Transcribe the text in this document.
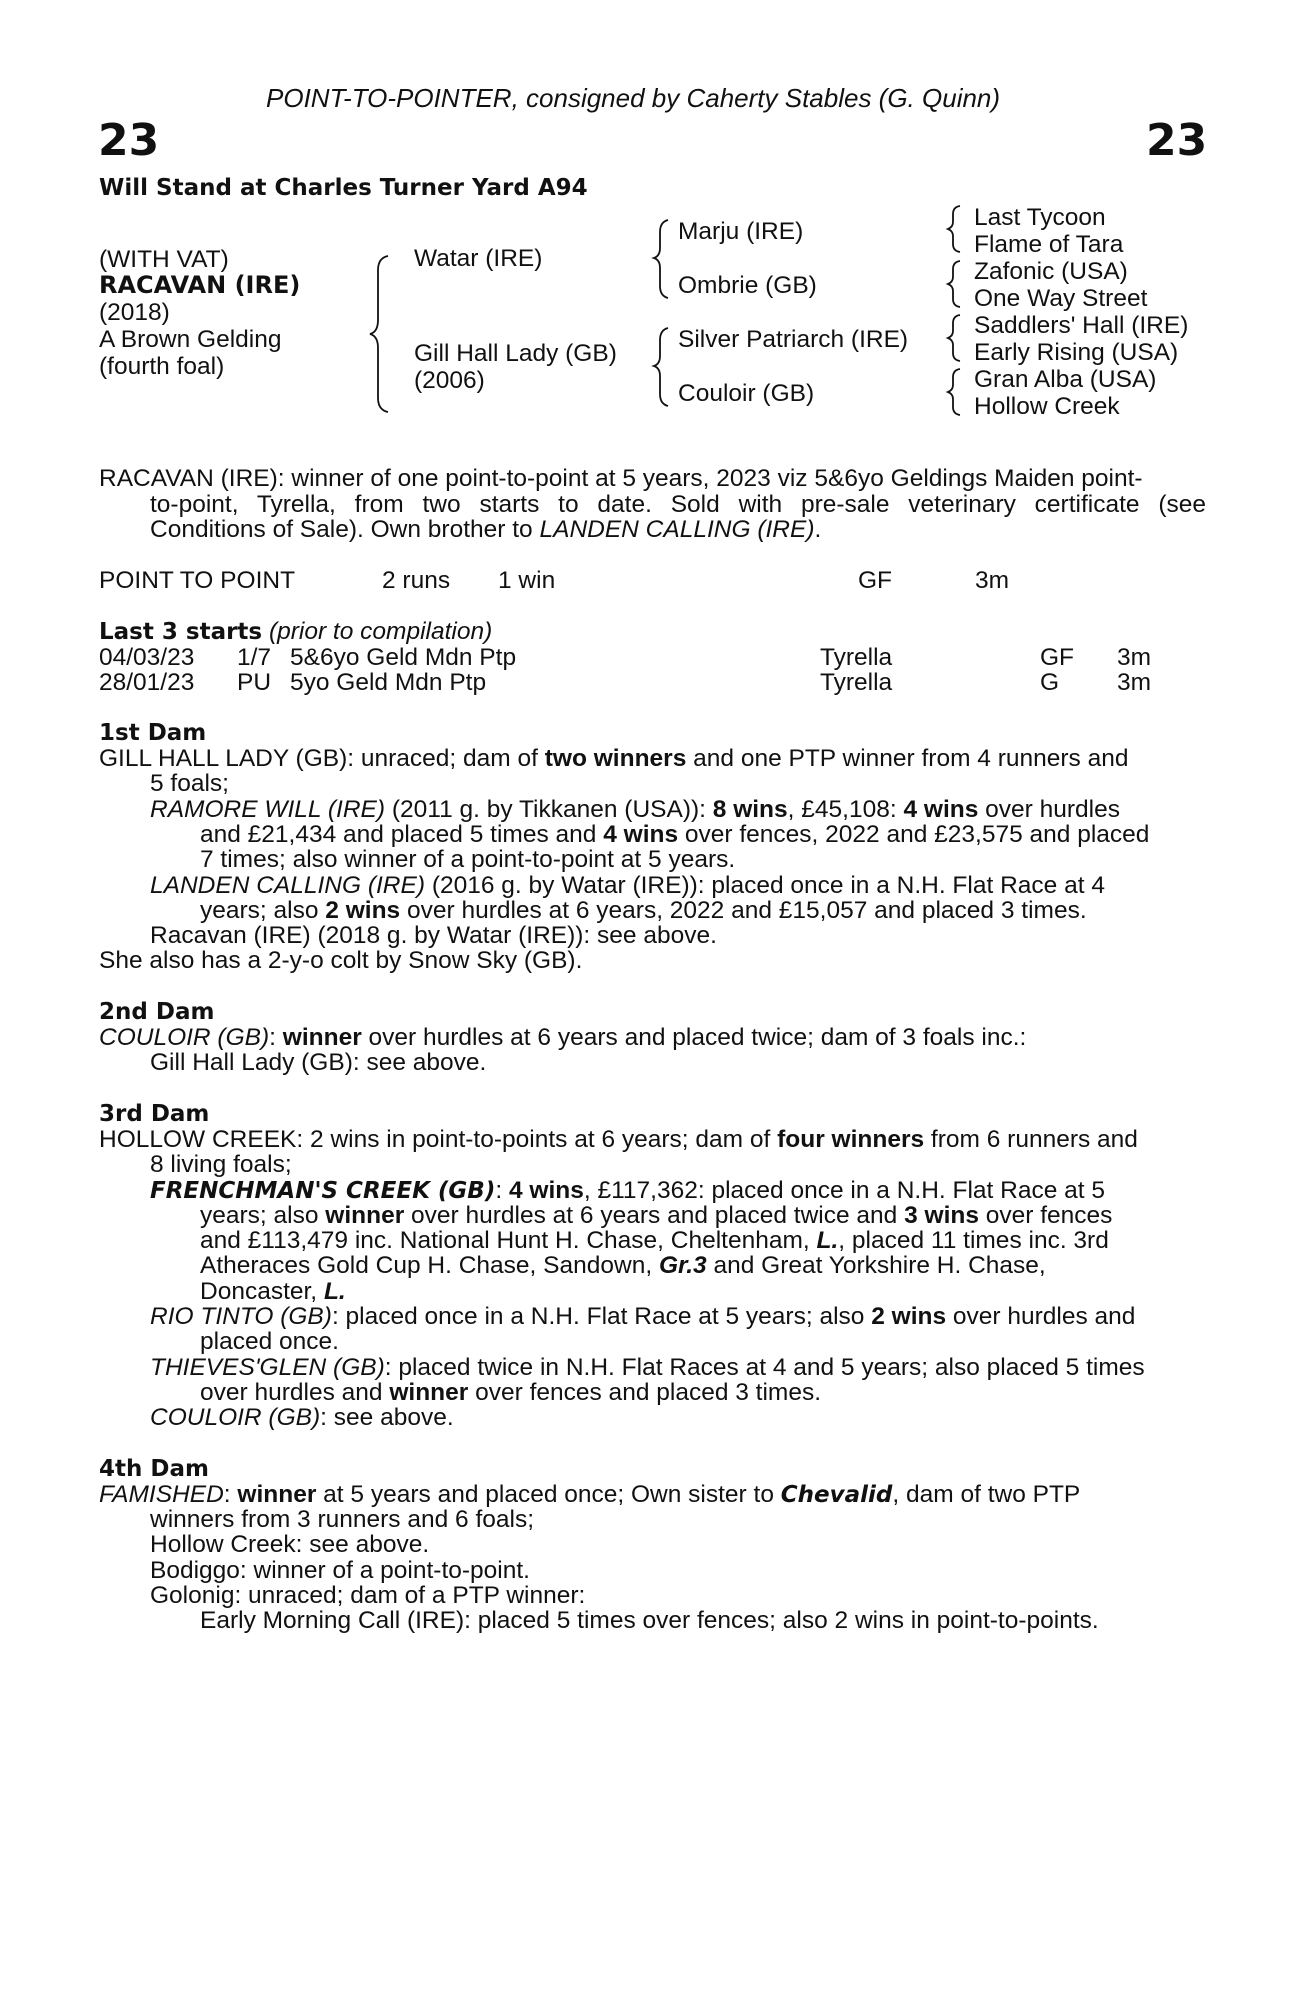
POINT-TO-POINTER, consigned by Caherty Stables (G. Quinn)
23	23
Will Stand at Charles Turner Yard A94
(WITH VAT)
RACAVAN (IRE)
(2018)
A Brown Gelding
(fourth foal)
Watar (IRE)
Gill Hall Lady (GB)
(2006)
Marju (IRE)
Ombrie (GB)
Silver Patriarch (IRE)
Couloir (GB)
Last Tycoon
Flame of Tara
Zafonic (USA)
One Way Street
Saddlers' Hall (IRE)
Early Rising (USA)
Gran Alba (USA)
Hollow Creek
RACAVAN (IRE): winner of one point-to-point at 5 years, 2023 viz 5&6yo Geldings Maiden point-
to-point, Tyrella, from two starts to date. Sold with pre-sale veterinary certificate (see
Conditions of Sale). Own brother to LANDEN CALLING (IRE).
POINT TO POINT	2 runs 1 win	GF	3m
Last 3 starts (prior to compilation)
04/03/23 1/7 5&6yo Geld Mdn Ptp	Tyrella	GF 3m
28/01/23 PU 5yo Geld Mdn Ptp	Tyrella	G 3m
1st Dam
GILL HALL LADY (GB): unraced; dam of two winners and one PTP winner from 4 runners and
5 foals;
RAMORE WILL (IRE) (2011 g. by Tikkanen (USA)): 8 wins, £45,108: 4 wins over hurdles
and £21,434 and placed 5 times and 4 wins over fences, 2022 and £23,575 and placed
7 times; also winner of a point-to-point at 5 years.
LANDEN CALLING (IRE) (2016 g. by Watar (IRE)): placed once in a N.H. Flat Race at 4
years; also 2 wins over hurdles at 6 years, 2022 and £15,057 and placed 3 times.
Racavan (IRE) (2018 g. by Watar (IRE)): see above.
She also has a 2-y-o colt by Snow Sky (GB).
2nd Dam
COULOIR (GB): winner over hurdles at 6 years and placed twice; dam of 3 foals inc.:
Gill Hall Lady (GB): see above.
3rd Dam
HOLLOW CREEK: 2 wins in point-to-points at 6 years; dam of four winners from 6 runners and
8 living foals;
FRENCHMAN'S CREEK (GB): 4 wins, £117,362: placed once in a N.H. Flat Race at 5
years; also winner over hurdles at 6 years and placed twice and 3 wins over fences
and £113,479 inc. National Hunt H. Chase, Cheltenham, L., placed 11 times inc. 3rd
Atheraces Gold Cup H. Chase, Sandown, Gr.3 and Great Yorkshire H. Chase,
Doncaster, L.
RIO TINTO (GB): placed once in a N.H. Flat Race at 5 years; also 2 wins over hurdles and
placed once.
THIEVES'GLEN (GB): placed twice in N.H. Flat Races at 4 and 5 years; also placed 5 times
over hurdles and winner over fences and placed 3 times.
COULOIR (GB): see above.
4th Dam
FAMISHED: winner at 5 years and placed once; Own sister to Chevalid, dam of two PTP
winners from 3 runners and 6 foals;
Hollow Creek: see above.
Bodiggo: winner of a point-to-point.
Golonig: unraced; dam of a PTP winner:
Early Morning Call (IRE): placed 5 times over fences; also 2 wins in point-to-points.
